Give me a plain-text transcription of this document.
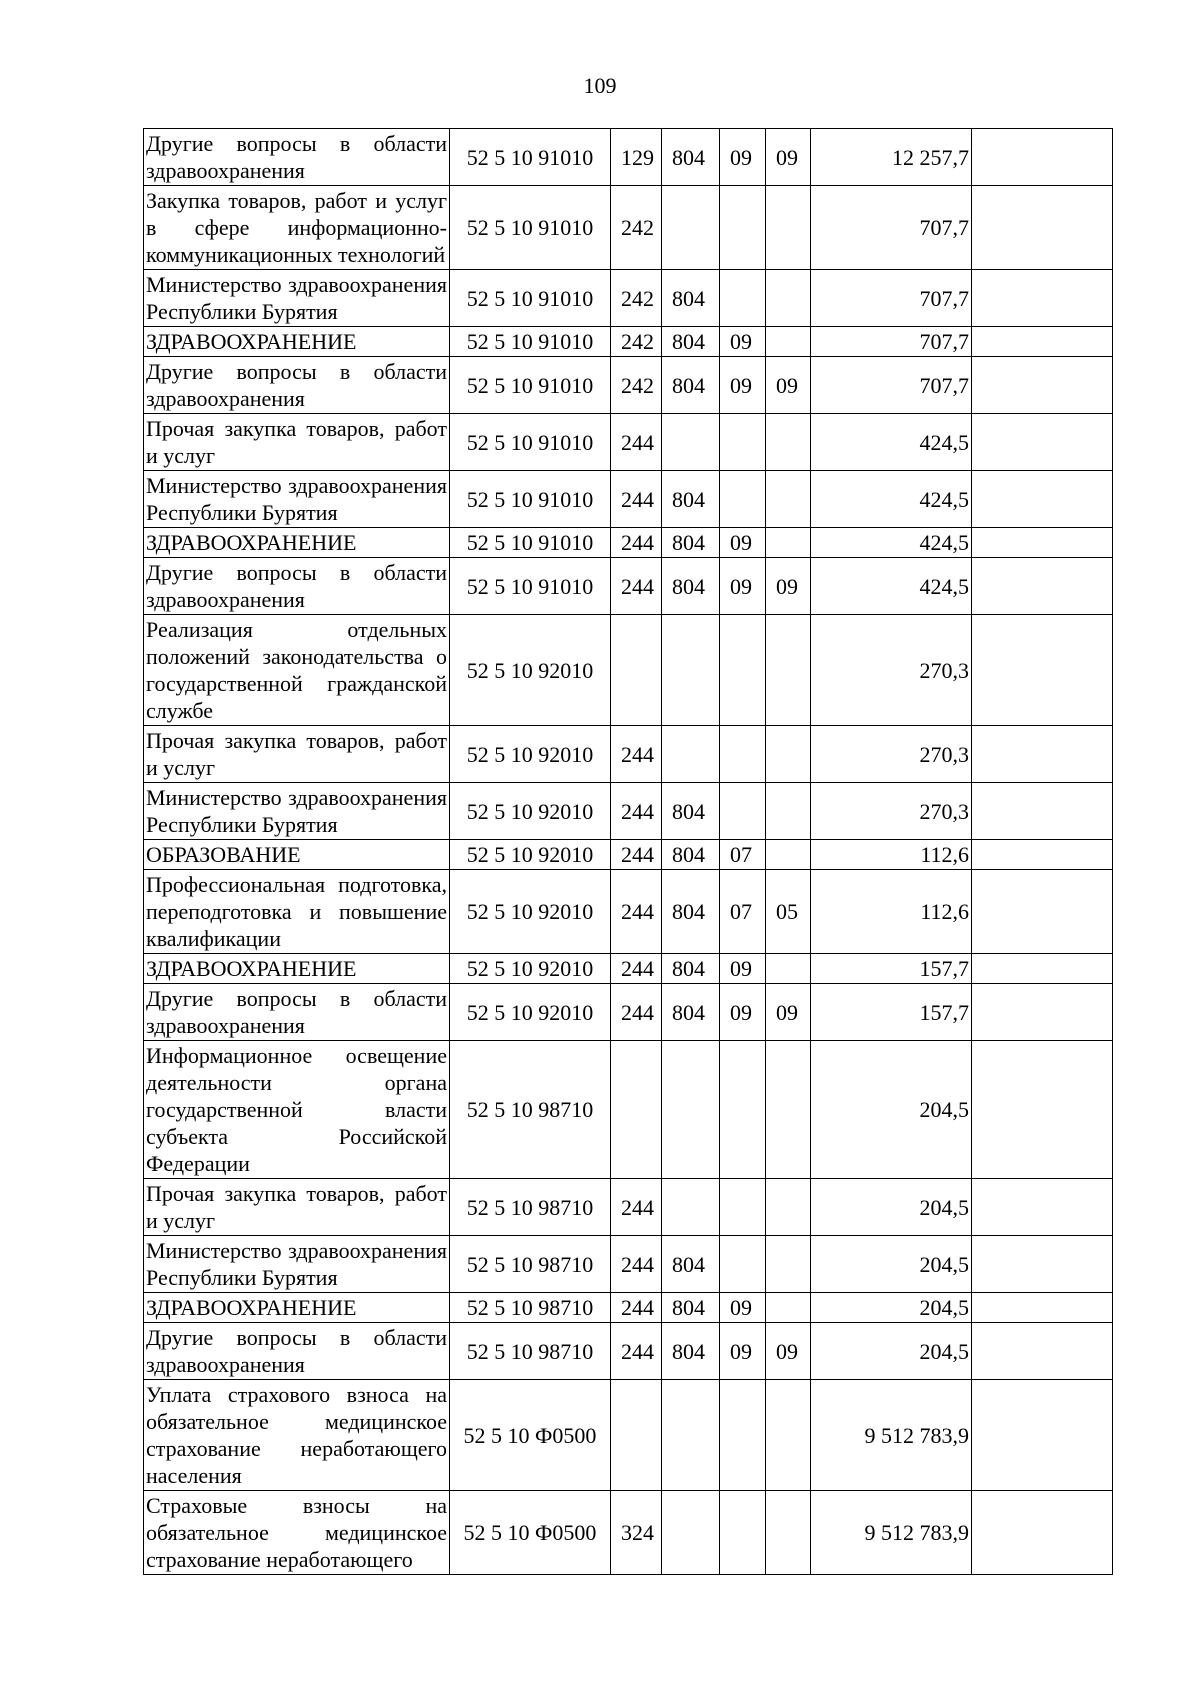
109
Другие вопросы в области здравоохранения	52 5 10 91010	129	804	09	09	12 257,7	
Закупка товаров, работ и услуг в сфере информационно-коммуникационных технологий	52 5 10 91010	242				707,7	
Министерство здравоохранения Республики Бурятия	52 5 10 91010	242	804			707,7	
ЗДРАВООХРАНЕНИЕ	52 5 10 91010	242	804	09		707,7	
Другие вопросы в области здравоохранения	52 5 10 91010	242	804	09	09	707,7	
Прочая закупка товаров, работ и услуг	52 5 10 91010	244				424,5	
Министерство здравоохранения Республики Бурятия	52 5 10 91010	244	804			424,5	
ЗДРАВООХРАНЕНИЕ	52 5 10 91010	244	804	09		424,5	
Другие вопросы в области здравоохранения	52 5 10 91010	244	804	09	09	424,5	
Реализация отдельных положений законодательства о государственной гражданской службе	52 5 10 92010					270,3	
Прочая закупка товаров, работ и услуг	52 5 10 92010	244				270,3	
Министерство здравоохранения Республики Бурятия	52 5 10 92010	244	804			270,3	
ОБРАЗОВАНИЕ	52 5 10 92010	244	804	07		112,6	
Профессиональная подготовка, переподготовка и повышение квалификации	52 5 10 92010	244	804	07	05	112,6	
ЗДРАВООХРАНЕНИЕ	52 5 10 92010	244	804	09		157,7	
Другие вопросы в области здравоохранения	52 5 10 92010	244	804	09	09	157,7	
Информационное освещение деятельности органа государственной власти субъекта Российской Федерации	52 5 10 98710					204,5	
Прочая закупка товаров, работ и услуг	52 5 10 98710	244				204,5	
Министерство здравоохранения Республики Бурятия	52 5 10 98710	244	804			204,5	
ЗДРАВООХРАНЕНИЕ	52 5 10 98710	244	804	09		204,5	
Другие вопросы в области здравоохранения	52 5 10 98710	244	804	09	09	204,5	
Уплата страхового взноса на обязательное медицинское страхование неработающего населения	52 5 10 Ф0500					9 512 783,9	
Страховые взносы на обязательное медицинское страхование неработающего	52 5 10 Ф0500	324				9 512 783,9	
